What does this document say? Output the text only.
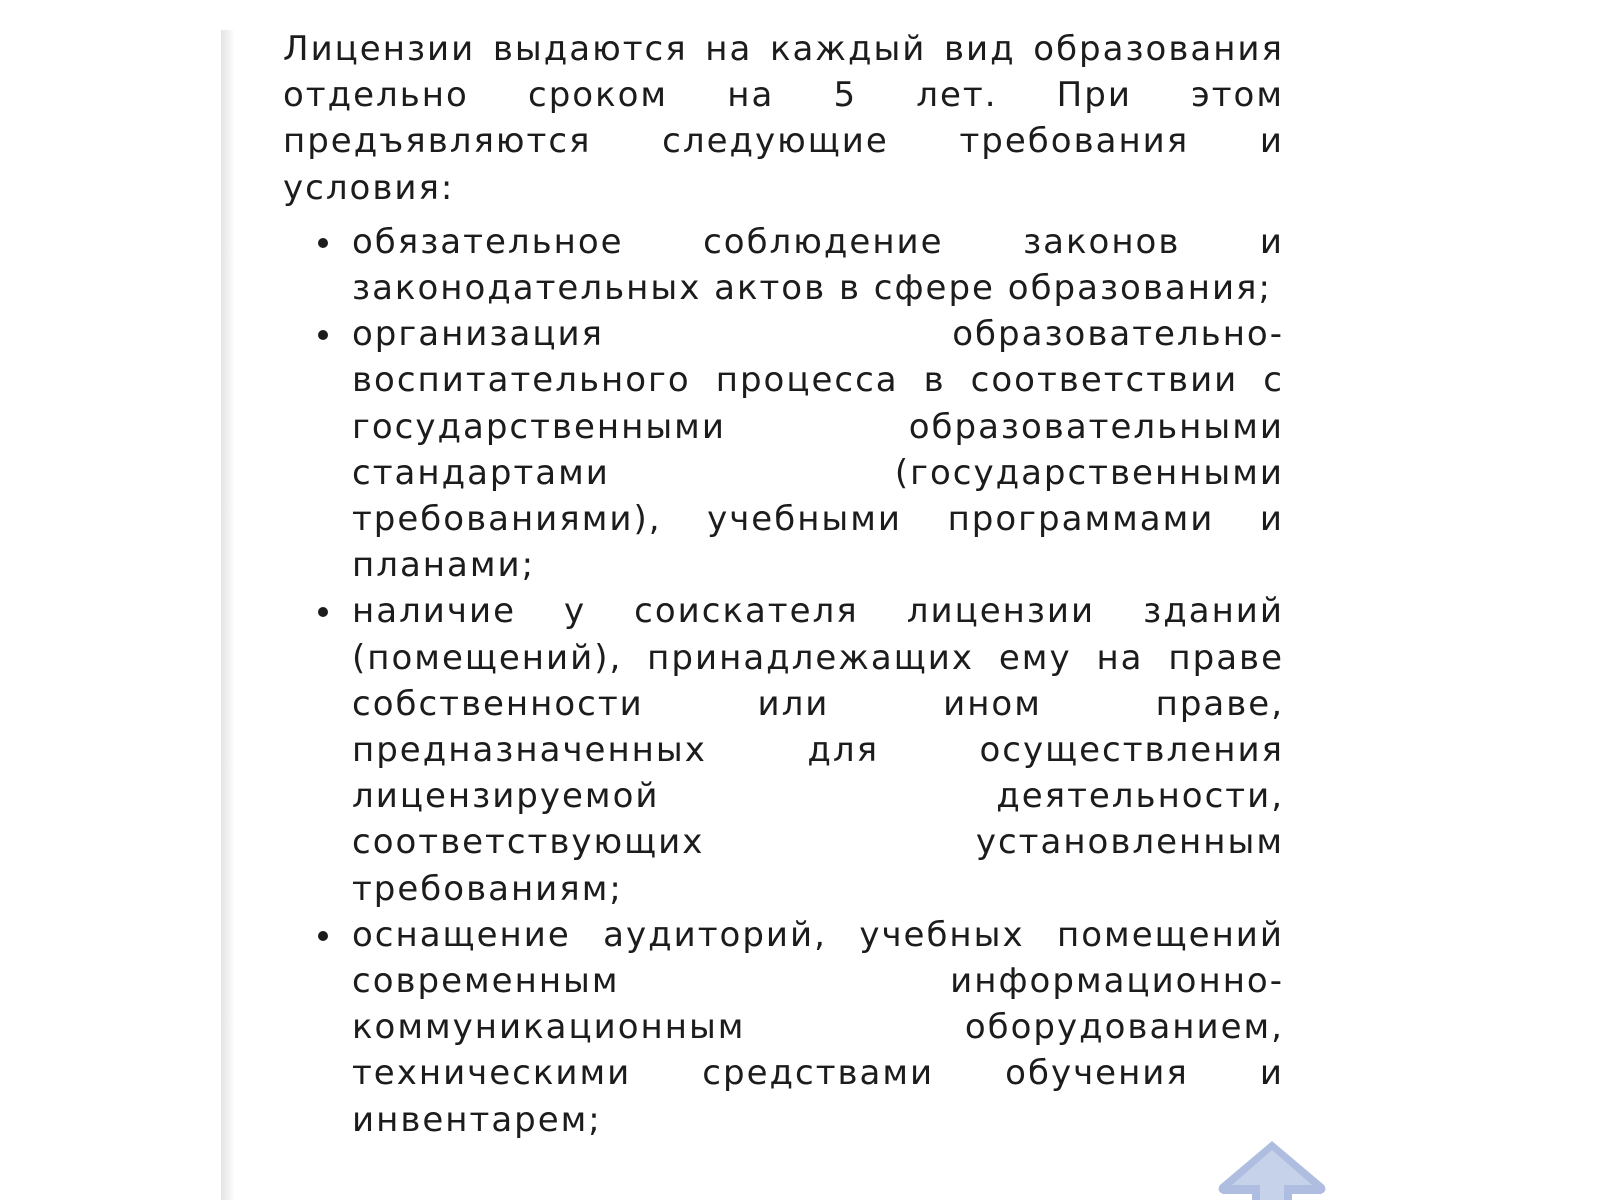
Лицензии выдаются на каждый вид образования отдельно сроком на 5 лет. При этом предъявляются следующие требования и условия:

обязательное соблюдение законов и законодательных актов в сфере образования;
организация образовательно-воспитательного процесса в соответствии с государственными образовательными стандартами (государственными требованиями), учебными программами и планами;
наличие у соискателя лицензии зданий (помещений), принадлежащих ему на праве собственности или ином праве, предназначенных для осуществления лицензируемой деятельности, соответствующих установленным требованиям;
оснащение аудиторий, учебных помещений современным информационно-коммуникационным оборудованием, техническими средствами обучения и инвентарем;
